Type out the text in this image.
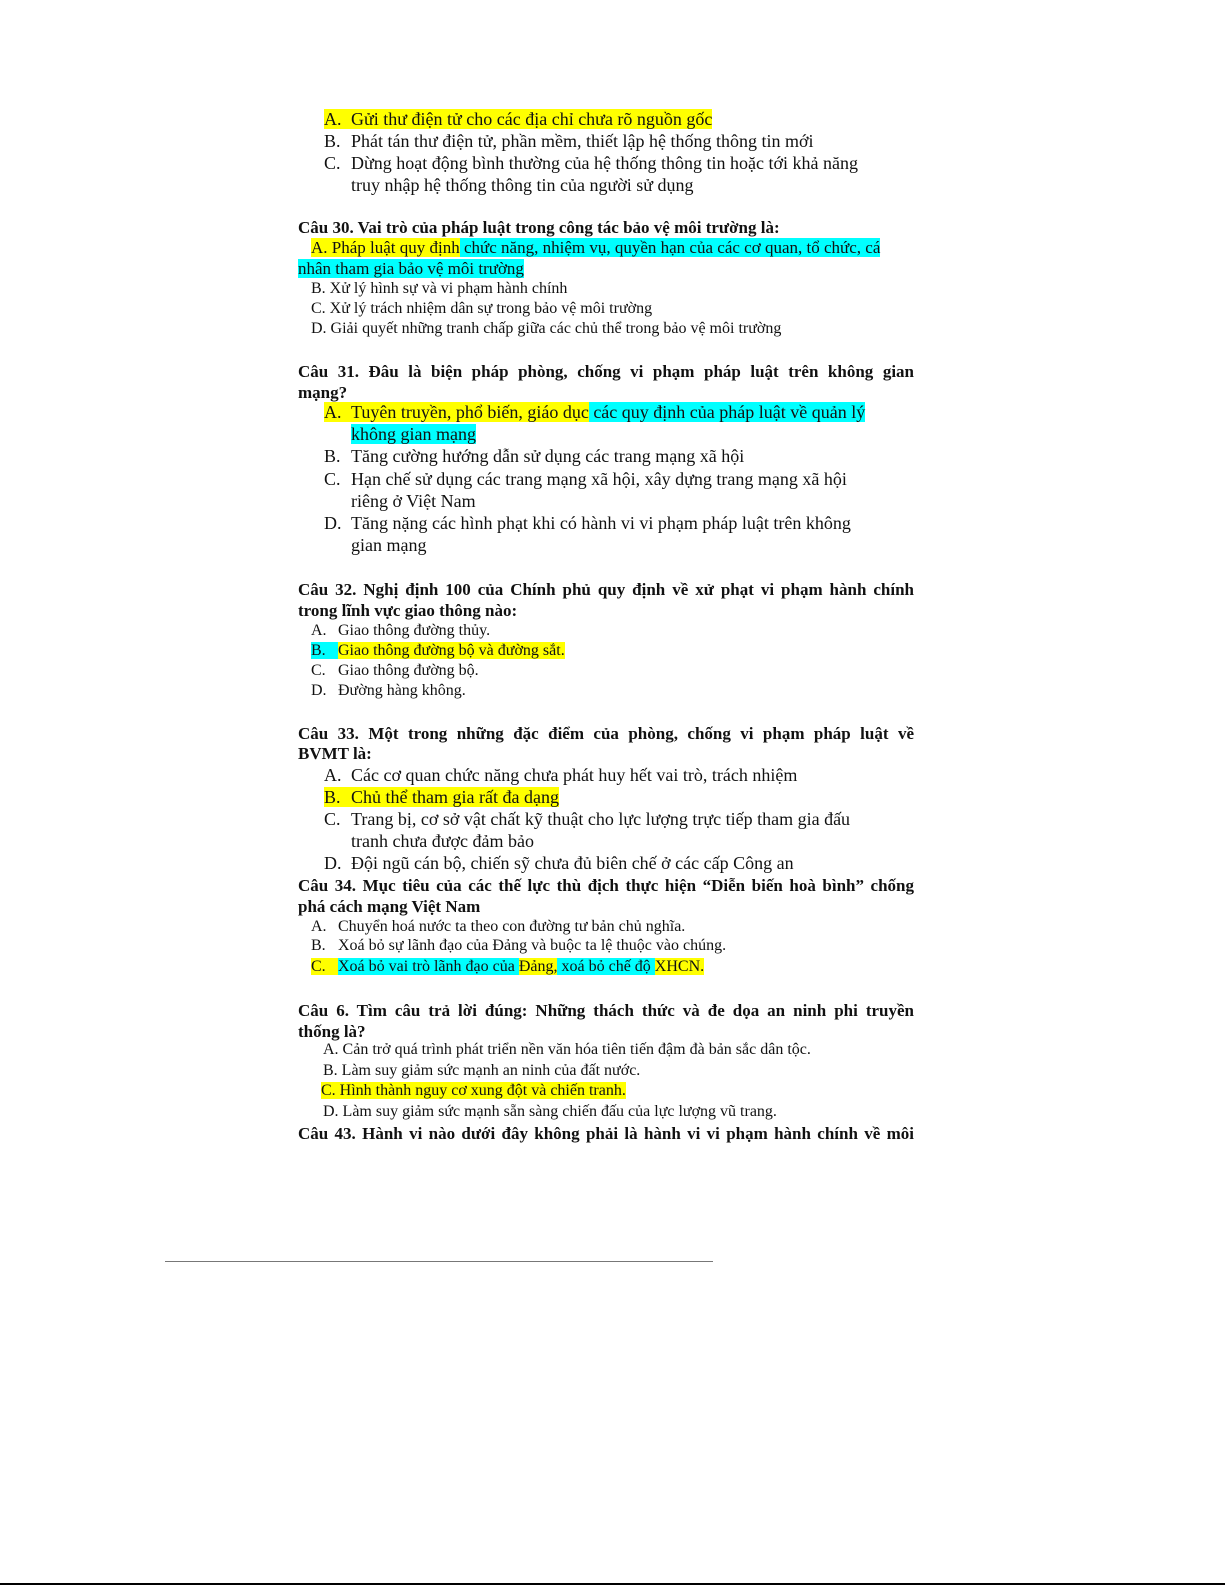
A. Gửi thư điện tử cho các địa chỉ chưa rõ nguồn gốc
B. Phát tán thư điện tử, phần mềm, thiết lập hệ thống thông tin mới
C. Dừng hoạt động bình thường của hệ thống thông tin hoặc tới khả năng
truy nhập hệ thống thông tin của người sử dụng
Câu 30. Vai trò của pháp luật trong công tác bảo vệ môi trường là:
A. Pháp luật quy định chức năng, nhiệm vụ, quyền hạn của các cơ quan, tổ chức, cá
nhân tham gia bảo vệ môi trường
B. Xử lý hình sự và vi phạm hành chính
C. Xử lý trách nhiệm dân sự trong bảo vệ môi trường
D. Giải quyết những tranh chấp giữa các chủ thể trong bảo vệ môi trường
Câu 31. Đâu là biện pháp phòng, chống vi phạm pháp luật trên không gian
mạng?
A. Tuyên truyền, phổ biến, giáo dục các quy định của pháp luật về quản lý
không gian mạng
B. Tăng cường hướng dẫn sử dụng các trang mạng xã hội
C. Hạn chế sử dụng các trang mạng xã hội, xây dựng trang mạng xã hội
riêng ở Việt Nam
D. Tăng nặng các hình phạt khi có hành vi vi phạm pháp luật trên không
gian mạng
Câu 32. Nghị định 100 của Chính phủ quy định về xử phạt vi phạm hành chính
trong lĩnh vực giao thông nào:
A. Giao thông đường thủy.
B. Giao thông đường bộ và đường sắt.
C. Giao thông đường bộ.
D. Đường hàng không.
Câu 33. Một trong những đặc điểm của phòng, chống vi phạm pháp luật về
BVMT là:
A. Các cơ quan chức năng chưa phát huy hết vai trò, trách nhiệm
B. Chủ thể tham gia rất đa dạng
C. Trang bị, cơ sở vật chất kỹ thuật cho lực lượng trực tiếp tham gia đấu
tranh chưa được đảm bảo
D. Đội ngũ cán bộ, chiến sỹ chưa đủ biên chế ở các cấp Công an
Câu 34. Mục tiêu của các thế lực thù địch thực hiện “Diễn biến hoà bình” chống
phá cách mạng Việt Nam
A. Chuyển hoá nước ta theo con đường tư bản chủ nghĩa.
B. Xoá bỏ sự lãnh đạo của Đảng và buộc ta lệ thuộc vào chúng.
C. Xoá bỏ vai trò lãnh đạo của Đảng, xoá bỏ chế độ XHCN.
Câu 6. Tìm câu trả lời đúng: Những thách thức và đe dọa an ninh phi truyền
thống là?
A. Cản trở quá trình phát triển nền văn hóa tiên tiến đậm đà bản sắc dân tộc.
B. Làm suy giảm sức mạnh an ninh của đất nước.
C. Hình thành nguy cơ xung đột và chiến tranh.
D. Làm suy giảm sức mạnh sẵn sàng chiến đấu của lực lượng vũ trang.
Câu 43. Hành vi nào dưới đây không phải là hành vi vi phạm hành chính về môi
